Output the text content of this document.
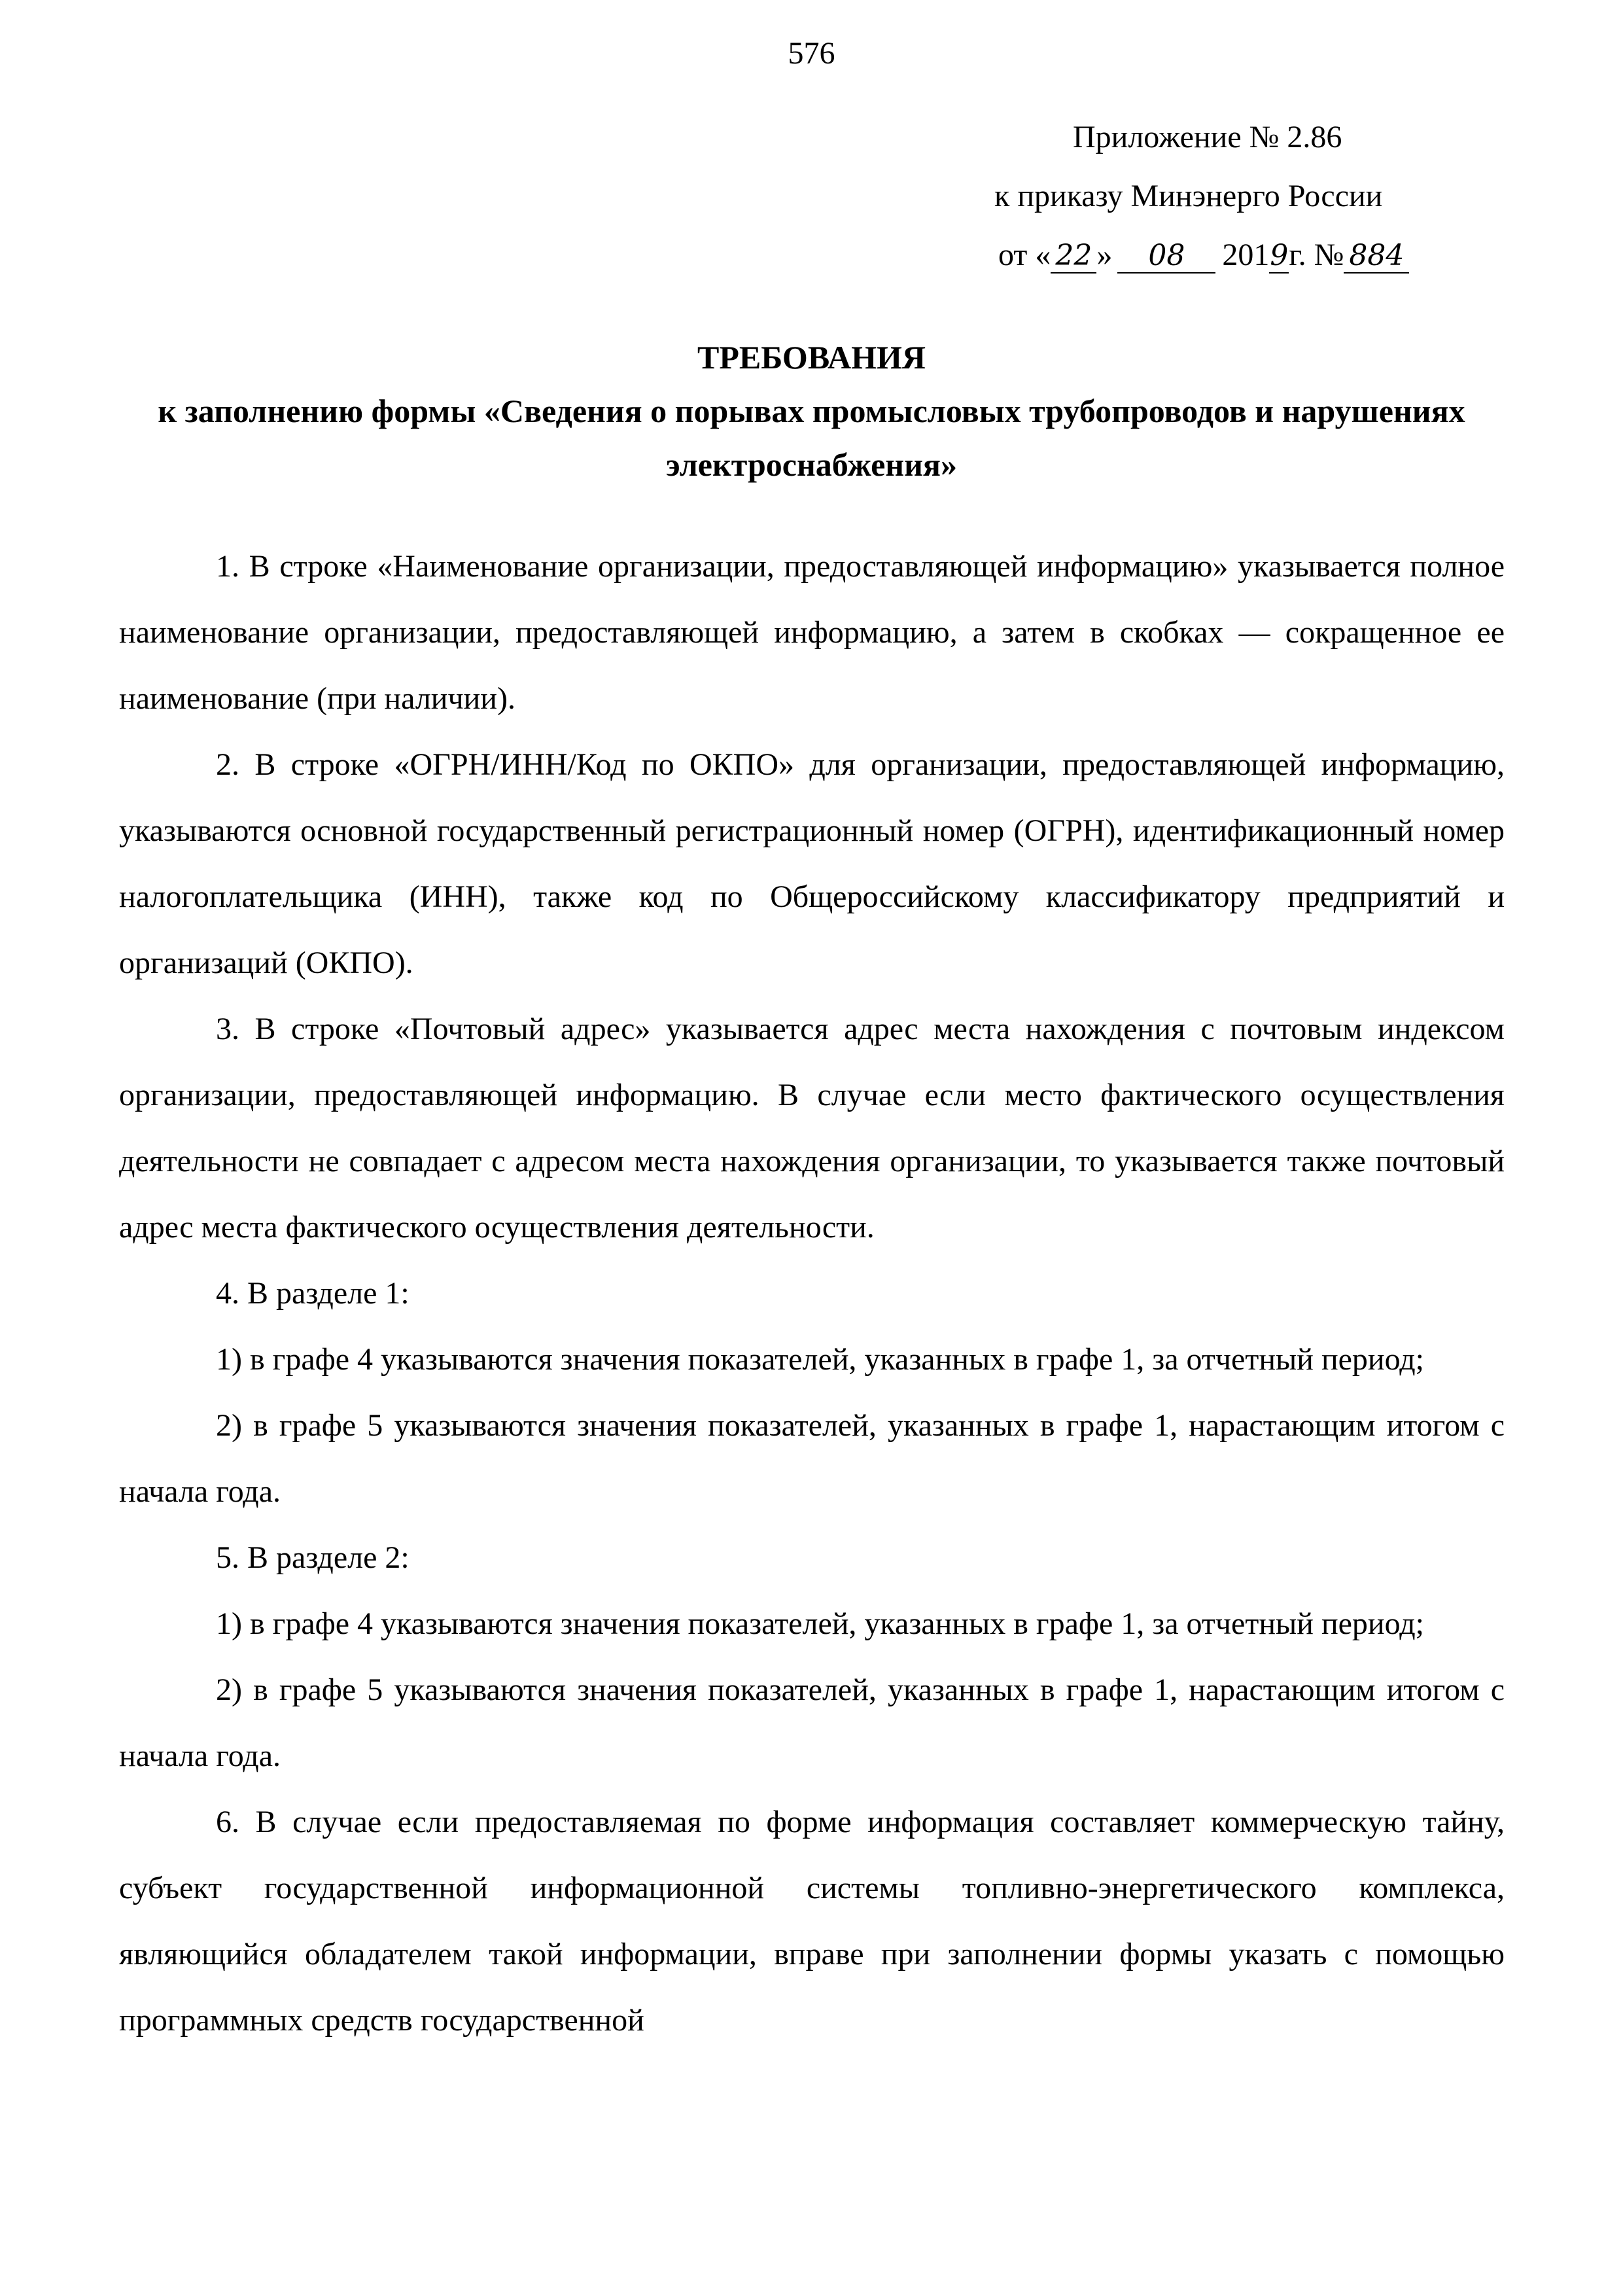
576
Приложение № 2.86
к приказу Минэнерго России
от « 22 » 08 2019г. № 884
ТРЕБОВАНИЯ
к заполнению формы «Сведения о порывах промысловых трубопроводов и нарушениях электроснабжения»

1. В строке «Наименование организации, предоставляющей информацию» указывается полное наименование организации, предоставляющей информацию, а затем в скобках — сокращенное ее наименование (при наличии).

2. В строке «ОГРН/ИНН/Код по ОКПО» для организации, предоставляющей информацию, указываются основной государственный регистрационный номер (ОГРН), идентификационный номер налогоплательщика (ИНН), также код по Общероссийскому классификатору предприятий и организаций (ОКПО).

3. В строке «Почтовый адрес» указывается адрес места нахождения с почтовым индексом организации, предоставляющей информацию. В случае если место фактического осуществления деятельности не совпадает с адресом места нахождения организации, то указывается также почтовый адрес места фактического осуществления деятельности.

4. В разделе 1:

1) в графе 4 указываются значения показателей, указанных в графе 1, за отчетный период;

2) в графе 5 указываются значения показателей, указанных в графе 1, нарастающим итогом с начала года.

5. В разделе 2:

1) в графе 4 указываются значения показателей, указанных в графе 1, за отчетный период;

2) в графе 5 указываются значения показателей, указанных в графе 1, нарастающим итогом с начала года.

6. В случае если предоставляемая по форме информация составляет коммерческую тайну, субъект государственной информационной системы топливно-энергетического комплекса, являющийся обладателем такой информации, вправе при заполнении формы указать с помощью программных средств государственной
